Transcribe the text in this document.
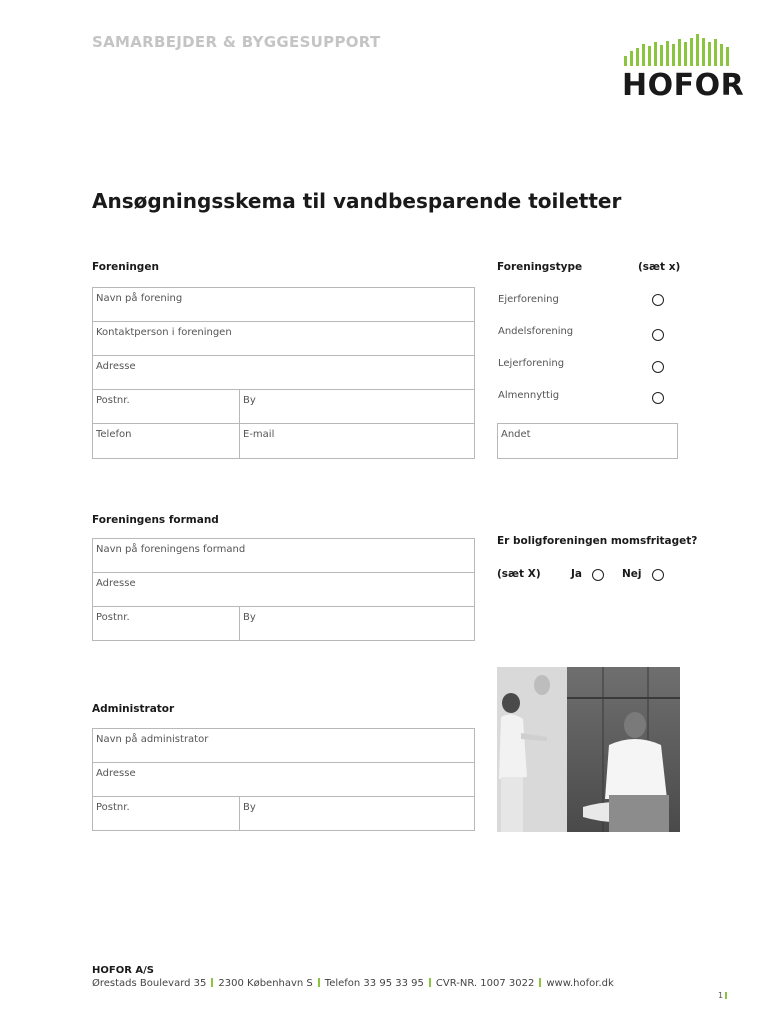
SAMARBEJDER & BYGGESUPPORT
HOFOR
Ansøgningsskema til vandbesparende toiletter
Foreningen
Navn på forening
Kontaktperson i foreningen
Adresse
Postnr.	By
Telefon	E-mail
Foreningstype	(sæt x)
Ejerforening
Andelsforening
Lejerforening
Almennyttig
Andet
Foreningens formand
Navn på foreningens formand
Adresse
Postnr.	By
Er boligforeningen momsfritaget?
(sæt X)	Ja	Nej
Administrator
Navn på administrator
Adresse
Postnr.	By
HOFOR A/S
Ørestads Boulevard 35 2300 København S Telefon 33 95 33 95 CVR-NR. 1007 3022 www.hofor.dk
1
